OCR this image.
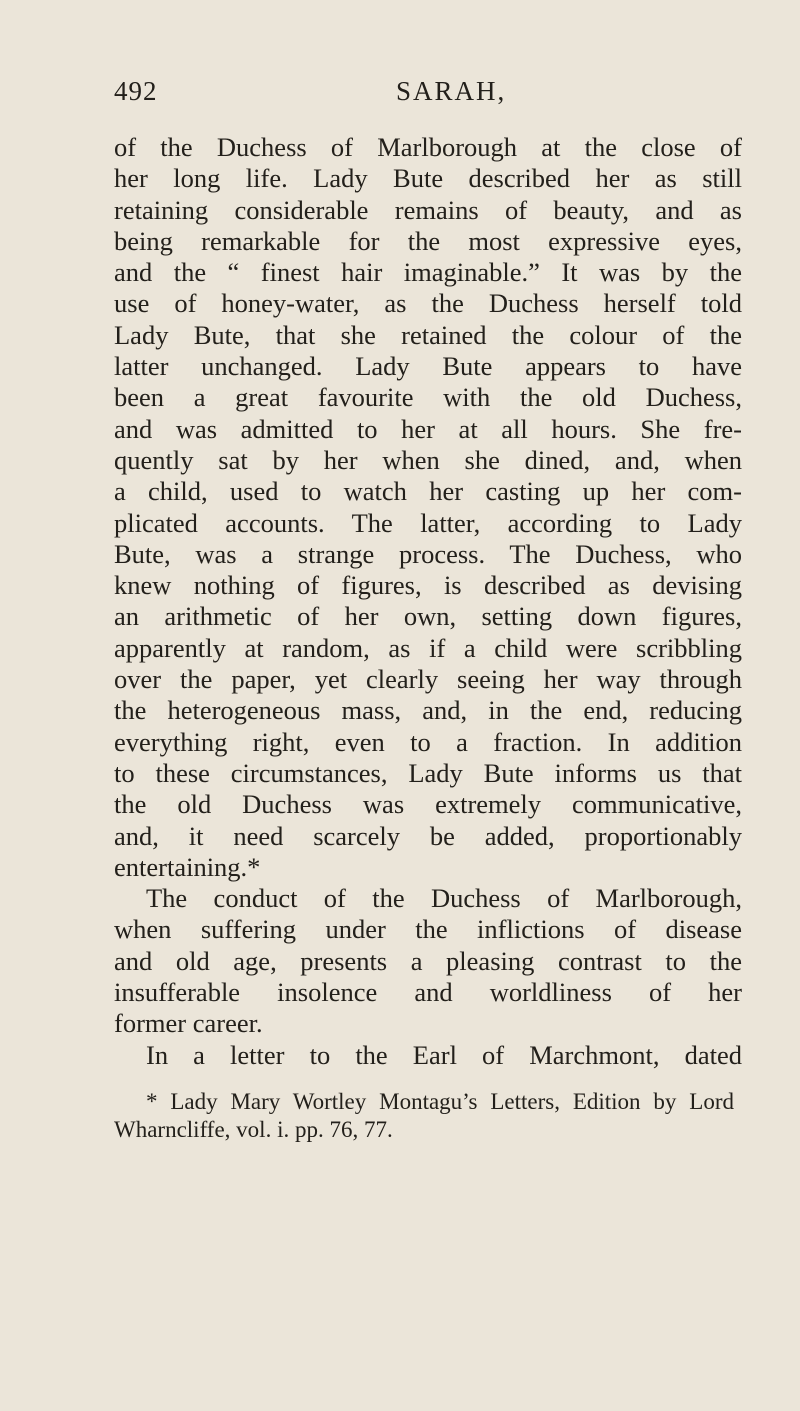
492	SARAH,
of the Duchess of Marlborough at the close of
her long life. Lady Bute described her as still
retaining considerable remains of beauty, and as
being remarkable for the most expressive eyes,
and the “ finest hair imaginable.” It was by the
use of honey-water, as the Duchess herself told
Lady Bute, that she retained the colour of the
latter unchanged. Lady Bute appears to have
been a great favourite with the old Duchess,
and was admitted to her at all hours. She fre-
quently sat by her when she dined, and, when
a child, used to watch her casting up her com-
plicated accounts. The latter, according to Lady
Bute, was a strange process. The Duchess, who
knew nothing of figures, is described as devising
an arithmetic of her own, setting down figures,
apparently at random, as if a child were scribbling
over the paper, yet clearly seeing her way through
the heterogeneous mass, and, in the end, reducing
everything right, even to a fraction. In addition
to these circumstances, Lady Bute informs us that
the old Duchess was extremely communicative,
and, it need scarcely be added, proportionably
entertaining.*
The conduct of the Duchess of Marlborough,
when suffering under the inflictions of disease
and old age, presents a pleasing contrast to the
insufferable insolence and worldliness of her
former career.
In a letter to the Earl of Marchmont, dated
* Lady Mary Wortley Montagu’s Letters, Edition by Lord
Wharncliffe, vol. i. pp. 76, 77.
